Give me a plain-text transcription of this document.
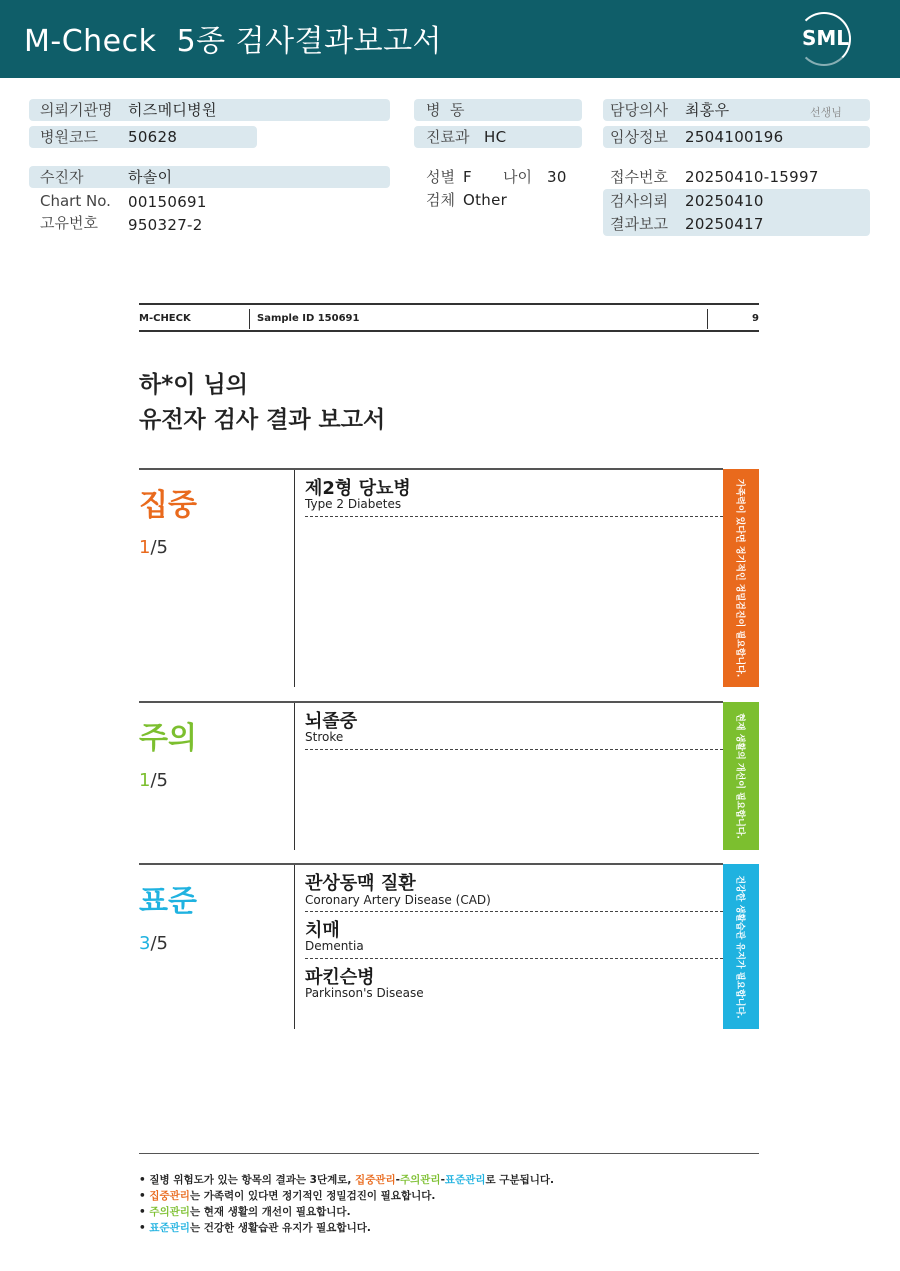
M-Check  5종 검사결과보고서	SML
의뢰기관명 히즈메디병원
병원코드 50628
수진자	하솔이
Chart No. 00150691
고유번호 950327-2
병  동
진료과 HC
성별 F 나이 30
검체 Other
담당의사 최홍우	선생님
임상정보 2504100196
접수번호 20250410-15997
검사의뢰 20250410
결과보고 20250417
M-CHECK	Sample ID 150691	9
하*이 님의
유전자 검사 결과 보고서
집중
1/5	가족력이 있다면 정기적인 정밀검진이 필요합니다.
제2형 당뇨병
Type 2 Diabetes
주의
1/5	현재 생활의 개선이 필요합니다.
뇌졸중
Stroke
표준
3/5	건강한 생활습관 유지가 필요합니다.
관상동맥 질환
Coronary Artery Disease (CAD)
치매
Dementia
파킨슨병
Parkinson's Disease
• 질병 위험도가 있는 항목의 결과는 3단계로, 집중관리-주의관리-표준관리로 구분됩니다.
• 집중관리는 가족력이 있다면 정기적인 정밀검진이 필요합니다.
• 주의관리는 현재 생활의 개선이 필요합니다.
• 표준관리는 건강한 생활습관 유지가 필요합니다.
